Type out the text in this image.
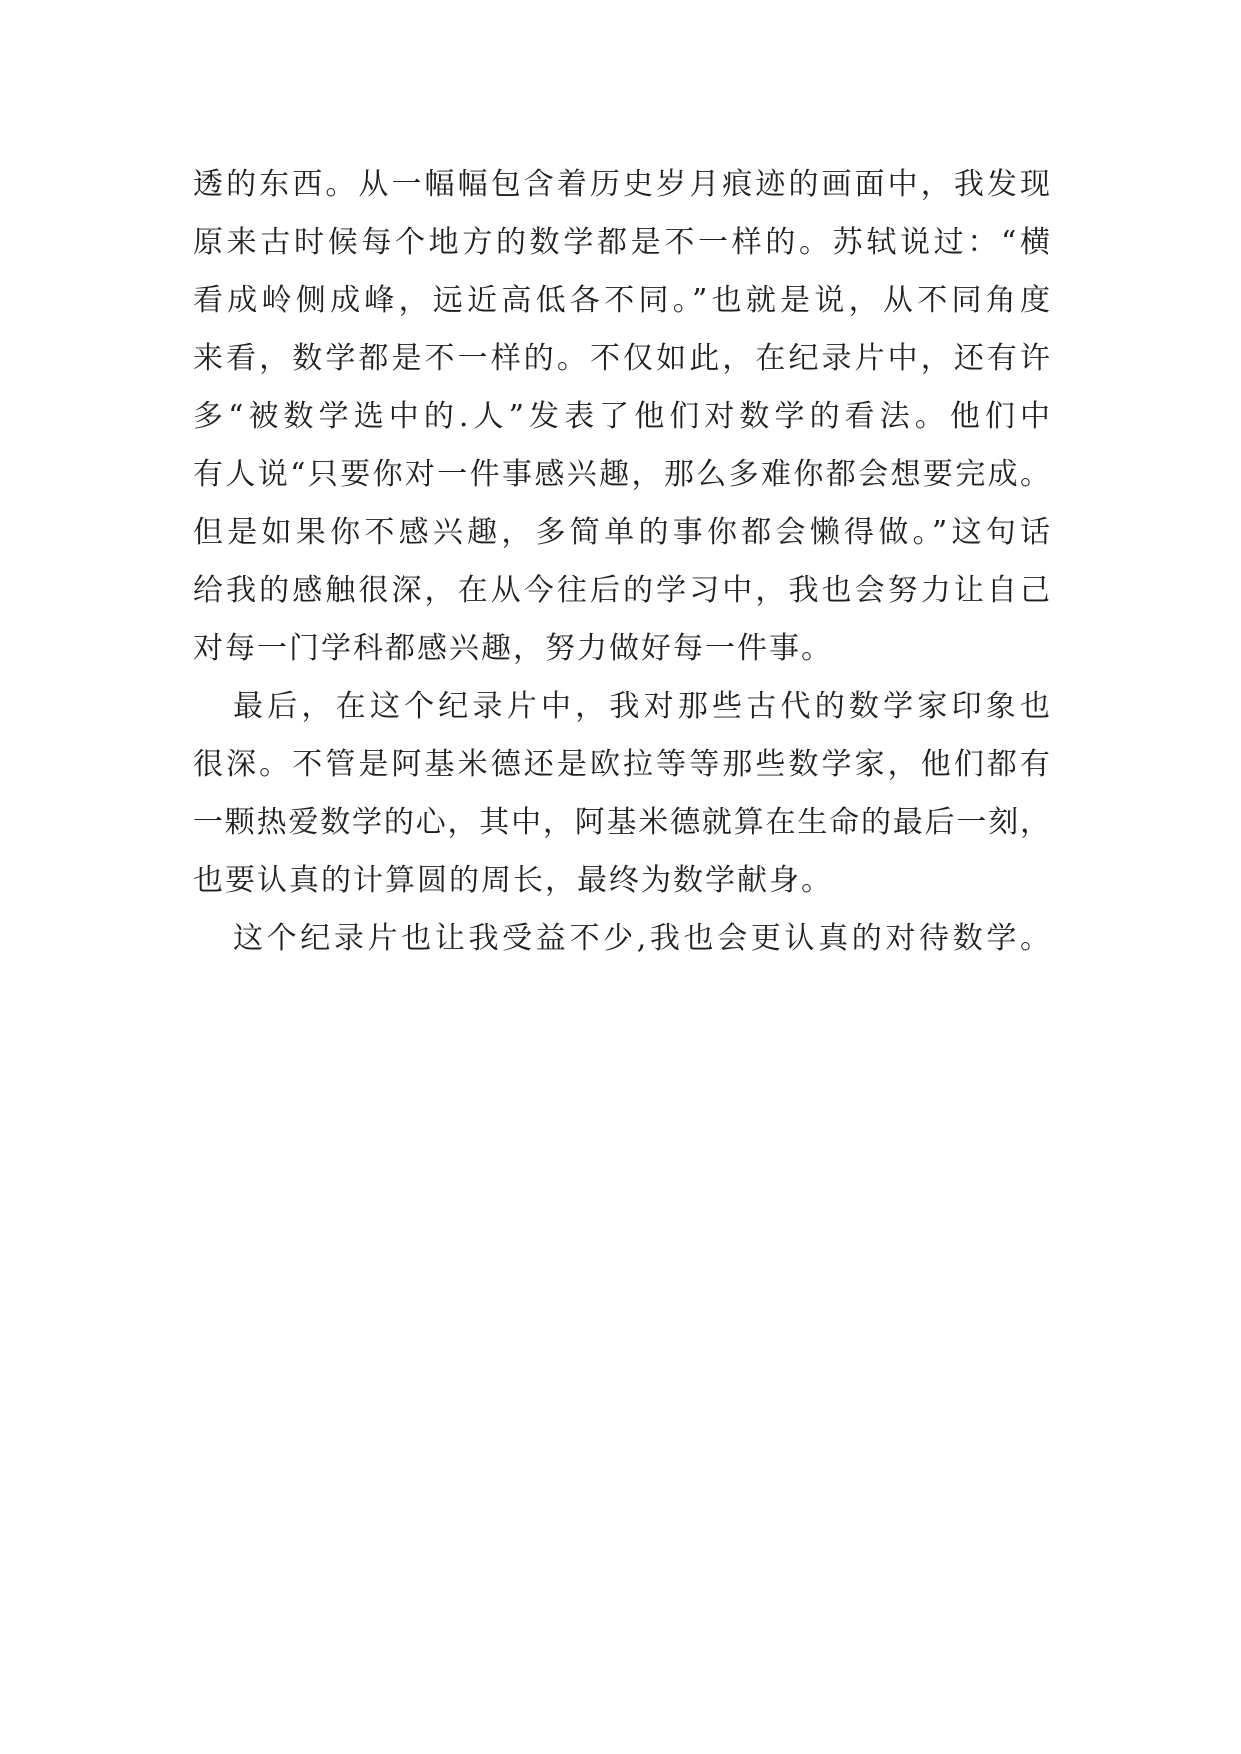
透的东西。从一幅幅包含着历史岁月痕迹的画面中，我发现
原来古时候每个地方的数学都是不一样的。苏轼说过：“横
看成岭侧成峰，远近高低各不同。”也就是说，从不同角度
来看，数学都是不一样的。不仅如此，在纪录片中，还有许
多“被数学选中的.人”发表了他们对数学的看法。他们中
有人说“只要你对一件事感兴趣，那么多难你都会想要完成。
但是如果你不感兴趣，多简单的事你都会懒得做。”这句话
给我的感触很深，在从今往后的学习中，我也会努力让自己
对每一门学科都感兴趣，努力做好每一件事。
最后，在这个纪录片中，我对那些古代的数学家印象也
很深。不管是阿基米德还是欧拉等等那些数学家，他们都有
一颗热爱数学的心，其中，阿基米德就算在生命的最后一刻，
也要认真的计算圆的周长，最终为数学献身。
这个纪录片也让我受益不少,我也会更认真的对待数学。
